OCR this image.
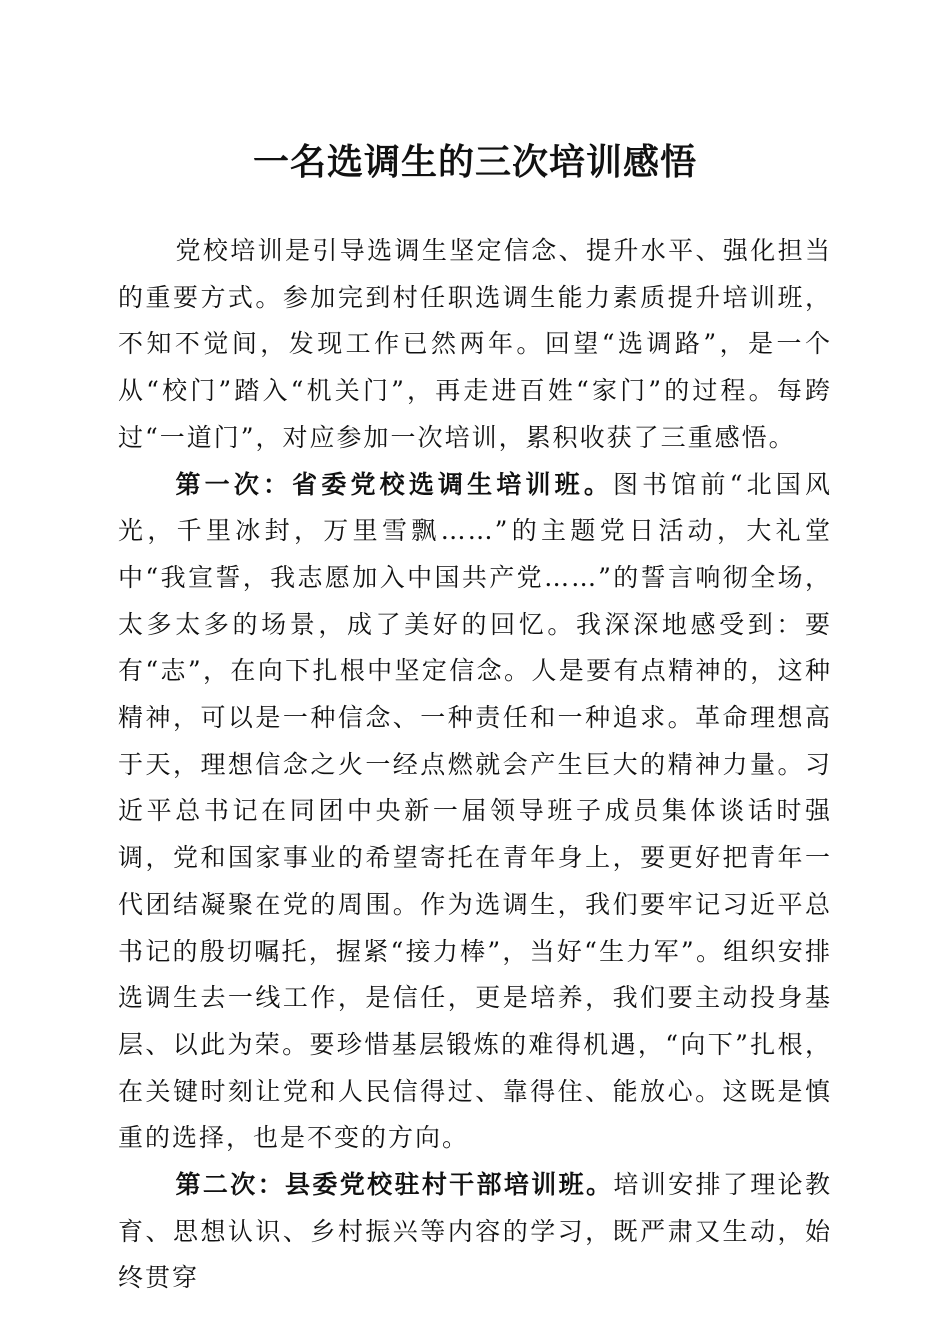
一名选调生的三次培训感悟

党校培训是引导选调生坚定信念、提升水平、强化担当的重要方式。参加完到村任职选调生能力素质提升培训班，不知不觉间，发现工作已然两年。回望“选调路”，是一个从“校门”踏入“机关门”，再走进百姓“家门”的过程。每跨过“一道门”，对应参加一次培训，累积收获了三重感悟。

第一次：省委党校选调生培训班。图书馆前“北国风光，千里冰封，万里雪飘……”的主题党日活动，大礼堂中“我宣誓，我志愿加入中国共产党……”的誓言响彻全场，太多太多的场景，成了美好的回忆。我深深地感受到：要有“志”，在向下扎根中坚定信念。人是要有点精神的，这种精神，可以是一种信念、一种责任和一种追求。革命理想高于天，理想信念之火一经点燃就会产生巨大的精神力量。习近平总书记在同团中央新一届领导班子成员集体谈话时强调，党和国家事业的希望寄托在青年身上，要更好把青年一代团结凝聚在党的周围。作为选调生，我们要牢记习近平总书记的殷切嘱托，握紧“接力棒”，当好“生力军”。组织安排选调生去一线工作，是信任，更是培养，我们要主动投身基层、以此为荣。要珍惜基层锻炼的难得机遇，“向下”扎根，在关键时刻让党和人民信得过、靠得住、能放心。这既是慎重的选择，也是不变的方向。

第二次：县委党校驻村干部培训班。培训安排了理论教育、思想认识、乡村振兴等内容的学习，既严肃又生动，始终贯穿
